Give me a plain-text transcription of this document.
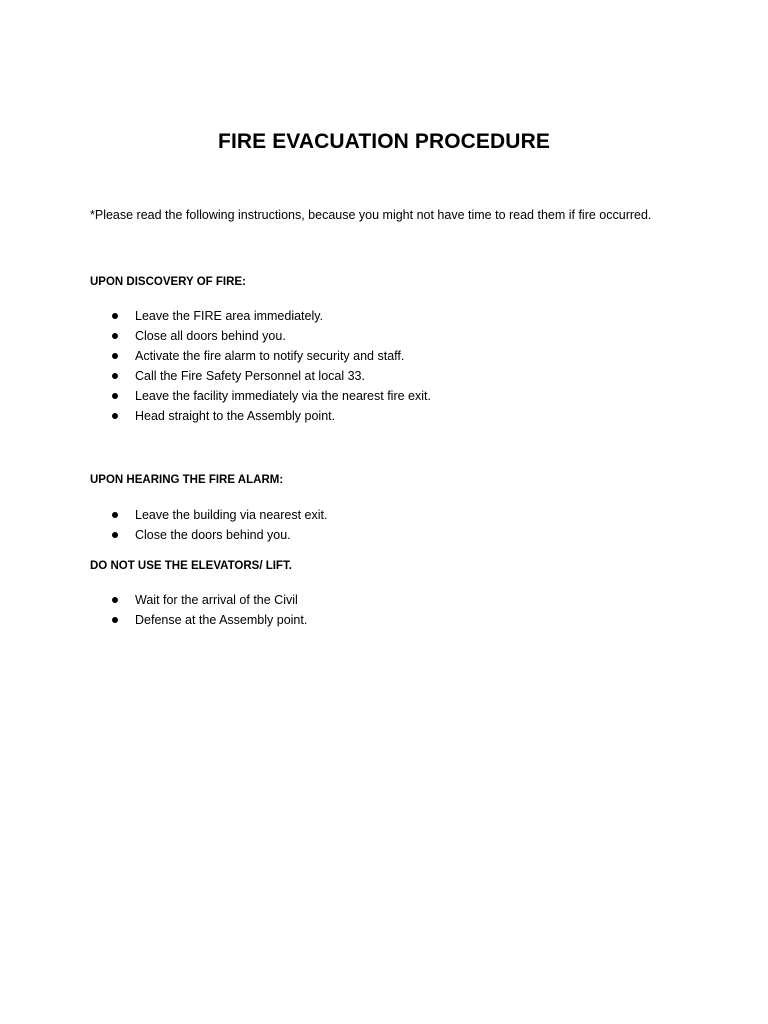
FIRE EVACUATION PROCEDURE
*Please read the following instructions, because you might not have time to read them if fire occurred.
UPON DISCOVERY OF FIRE:
Leave the FIRE area immediately.
Close all doors behind you.
Activate the fire alarm to notify security and staff.
Call the Fire Safety Personnel at local 33.
Leave the facility immediately via the nearest fire exit.
Head straight to the Assembly point.
UPON HEARING THE FIRE ALARM:
Leave the building via nearest exit.
Close the doors behind you.
DO NOT USE THE ELEVATORS/ LIFT.
Wait for the arrival of the Civil
Defense at the Assembly point.
